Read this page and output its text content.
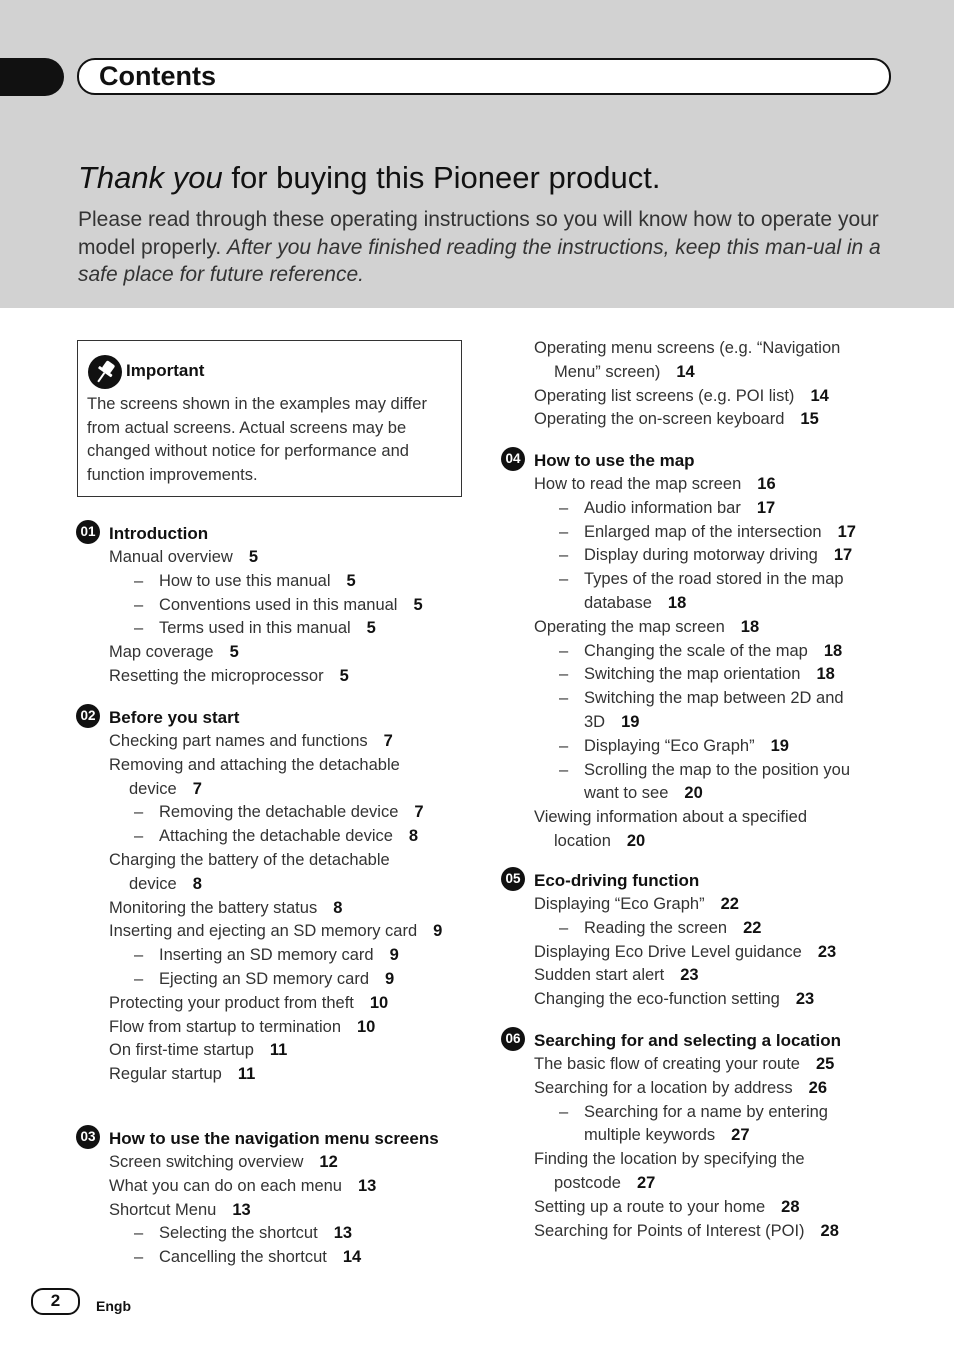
Contents
Thank you for buying this Pioneer product.
Please read through these operating instructions so you will know how to operate your model properly. After you have finished reading the instructions, keep this man-ual in a safe place for future reference.
Important
The screens shown in the examples may differ from actual screens. Actual screens may be changed without notice for performance and function improvements.
2	Engb
01 Introduction
Manual overview 5
– How to use this manual 5
– Conventions used in this manual 5
– Terms used in this manual 5
Map coverage 5
Resetting the microprocessor 5
02 Before you start
Checking part names and functions 7
Removing and attaching the detachable device 7
– Removing the detachable device 7
– Attaching the detachable device 8
Charging the battery of the detachable device 8
Monitoring the battery status 8
Inserting and ejecting an SD memory card 9
– Inserting an SD memory card 9
– Ejecting an SD memory card 9
Protecting your product from theft 10
Flow from startup to termination 10
On first-time startup 11
Regular startup 11
03 How to use the navigation menu screens
Screen switching overview 12
What you can do on each menu 13
Shortcut Menu 13
– Selecting the shortcut 13
– Cancelling the shortcut 14
Operating menu screens (e.g. “Navigation Menu” screen) 14
Operating list screens (e.g. POI list) 14
Operating the on-screen keyboard 15
04 How to use the map
How to read the map screen 16
– Audio information bar 17
– Enlarged map of the intersection 17
– Display during motorway driving 17
– Types of the road stored in the map database 18
Operating the map screen 18
– Changing the scale of the map 18
– Switching the map orientation 18
– Switching the map between 2D and 3D 19
– Displaying “Eco Graph” 19
– Scrolling the map to the position you want to see 20
Viewing information about a specified location 20
05 Eco-driving function
Displaying “Eco Graph” 22
– Reading the screen 22
Displaying Eco Drive Level guidance 23
Sudden start alert 23
Changing the eco-function setting 23
06 Searching for and selecting a location
The basic flow of creating your route 25
Searching for a location by address 26
– Searching for a name by entering multiple keywords 27
Finding the location by specifying the postcode 27
Setting up a route to your home 28
Searching for Points of Interest (POI) 28
